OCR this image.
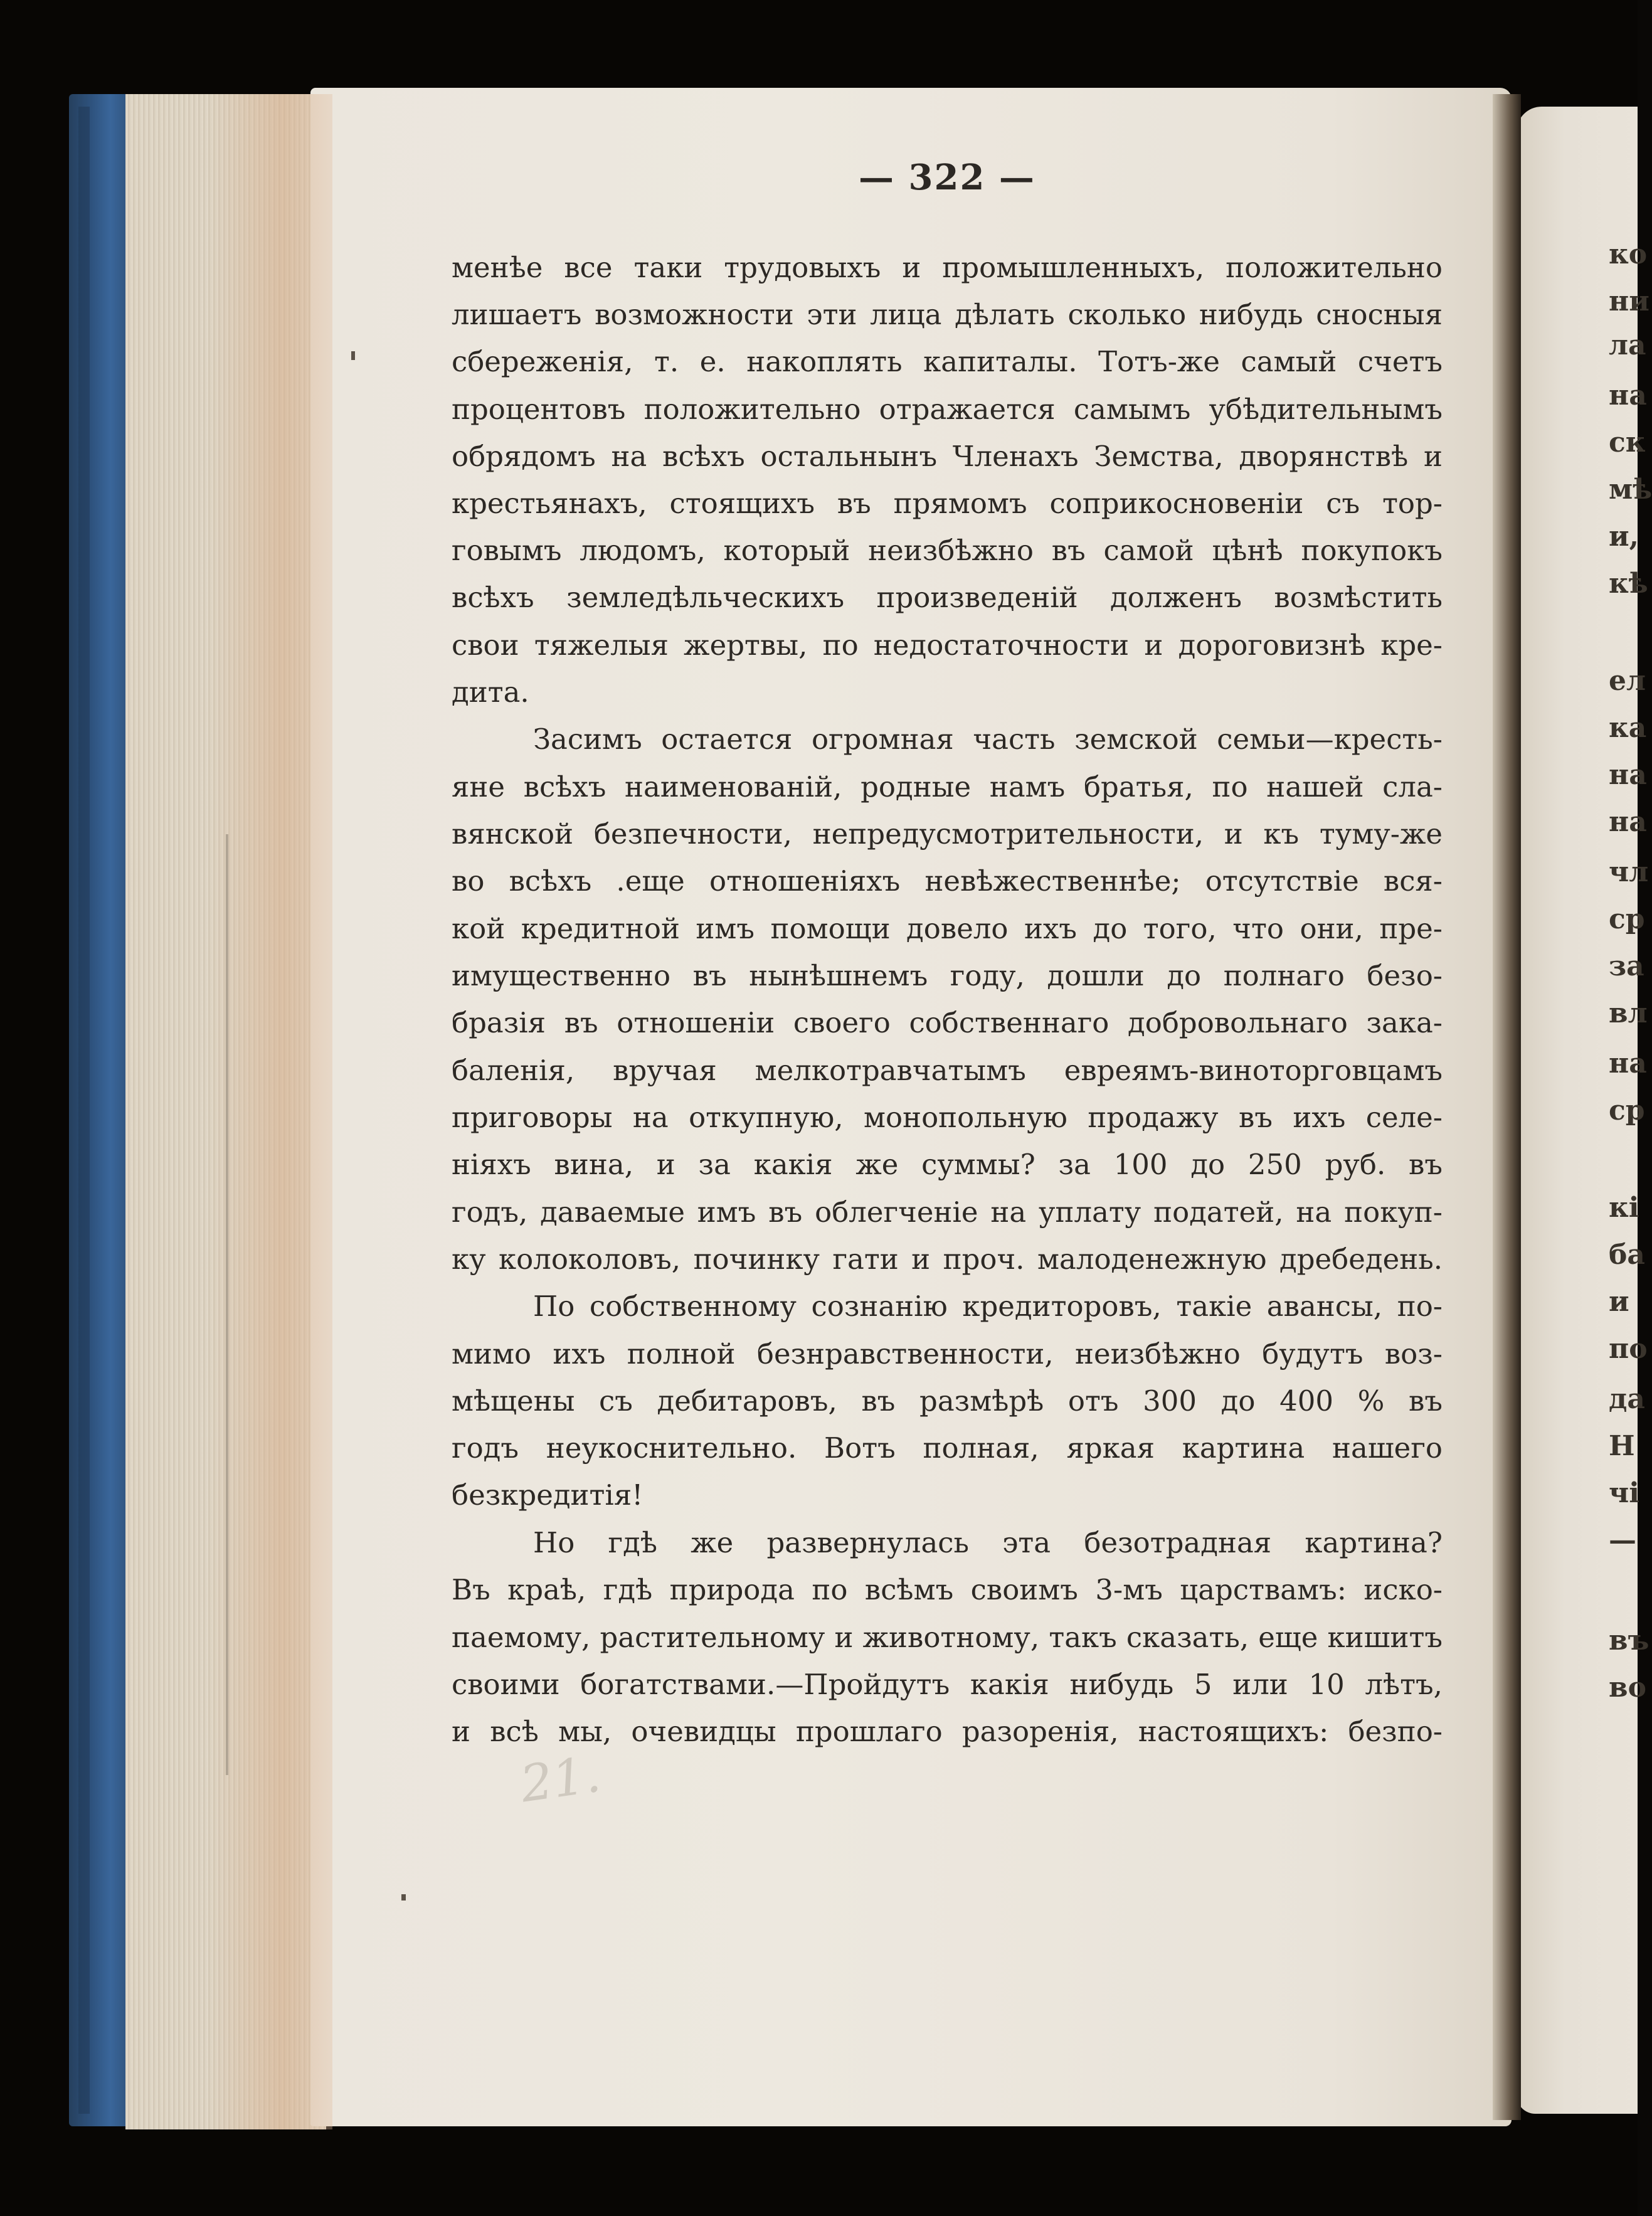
ко
ни
ла
на
ск
мѣ
и,
кѣ
ел
ка
на
на
чл
ср
за
вл
на
ср
кі
ба
и
по
да
Н
чі
—
въ
во
21.
— 322 —
менѣе все таки трудовыхъ и промышленныхъ, положительно
лишаетъ возможности эти лица дѣлать сколько нибудь сносныя
сбереженія, т. е. накоплять капиталы. Тотъ-же самый счетъ
процентовъ положительно отражается самымъ убѣдительнымъ
обрядомъ на всѣхъ остальнынъ Членахъ Земства, дворянствѣ и
крестьянахъ, стоящихъ въ прямомъ соприкосновеніи съ тор-
говымъ людомъ, который неизбѣжно въ самой цѣнѣ покупокъ
всѣхъ земледѣльческихъ произведеній долженъ возмѣстить
свои тяжелыя жертвы, по недостаточности и дороговизнѣ кре-
дита.
Засимъ остается огромная часть земской семьи—кресть-
яне всѣхъ наименованій, родные намъ братья, по нашей сла-
вянской безпечности, непредусмотрительности, и къ туму-же
во всѣхъ .еще отношеніяхъ невѣжественнѣе; отсутствіе вся-
кой кредитной имъ помощи довело ихъ до того, что они, пре-
имущественно въ нынѣшнемъ году, дошли до полнаго безо-
бразія въ отношеніи своего собственнаго добровольнаго зака-
баленія, вручая мелкотравчатымъ евреямъ-виноторговцамъ
приговоры на откупную, монопольную продажу въ ихъ селе-
ніяхъ вина, и за какія же суммы? за 100 до 250 руб. въ
годъ, даваемые имъ въ облегченіе на уплату податей, на покуп-
ку колоколовъ, починку гати и проч. малоденежную дребедень.
По собственному сознанію кредиторовъ, такіе авансы, по-
мимо ихъ полной безнравственности, неизбѣжно будутъ воз-
мѣщены съ дебитаровъ, въ размѣрѣ отъ 300 до 400 % въ
годъ неукоснительно. Вотъ полная, яркая картина нашего
безкредитія!
Но гдѣ же развернулась эта безотрадная картина?
Въ краѣ, гдѣ природа по всѣмъ своимъ 3-мъ царствамъ: иско-
паемому, растительному и животному, такъ сказать, еще кишитъ
своими богатствами.—Пройдутъ какія нибудь 5 или 10 лѣтъ,
и всѣ мы, очевидцы прошлаго разоренія, настоящихъ: безпо-
